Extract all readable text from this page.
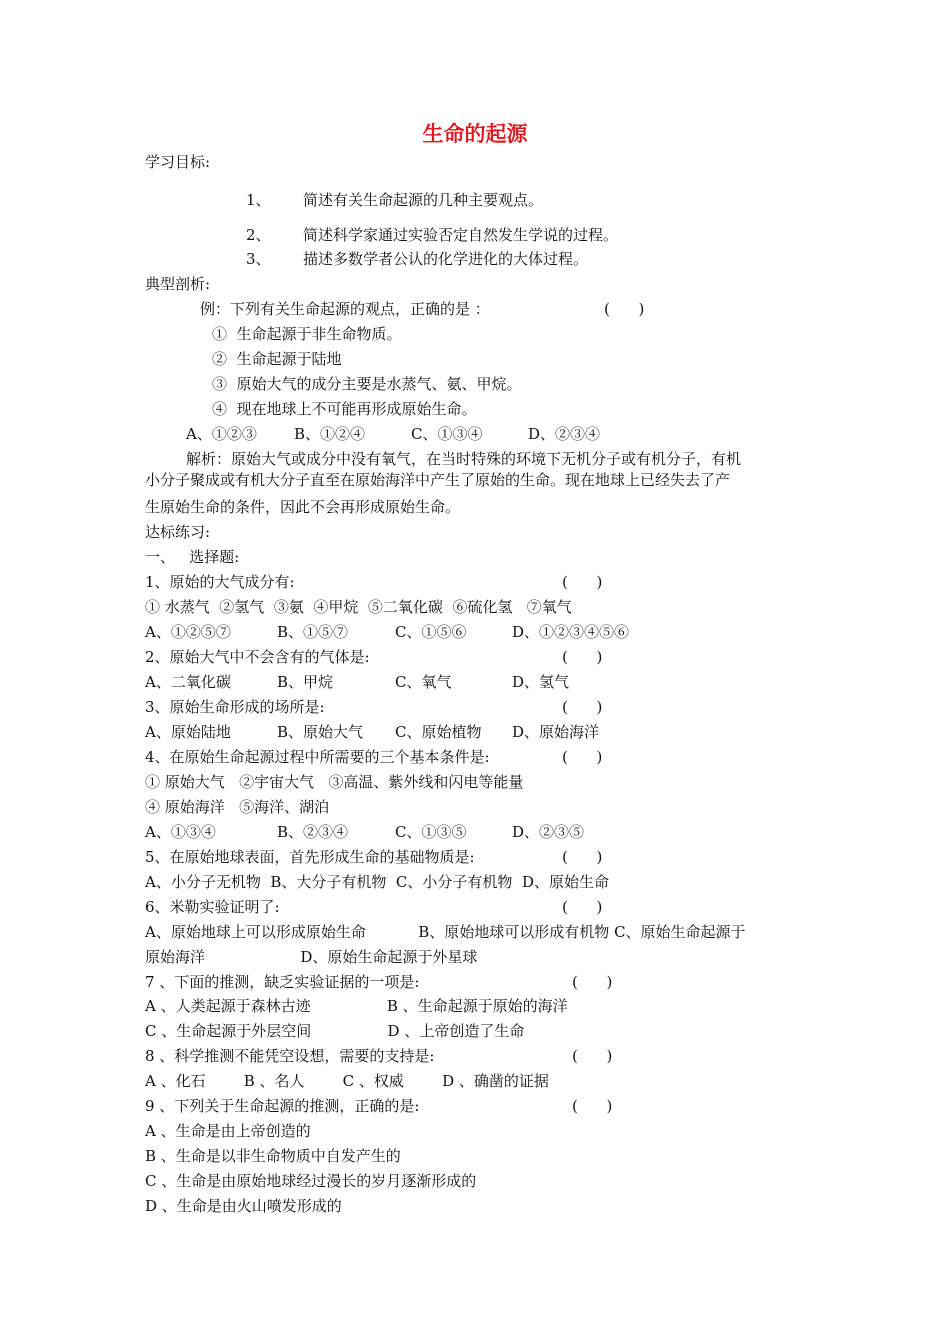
生命的起源
学习目标:
1、 简述有关生命起源的几种主要观点。
2、 简述科学家通过实验否定自然发生学说的过程。
3、 描述多数学者公认的化学进化的大体过程。
典型剖析:
例：下列有关生命起源的观点，正确的是 ：	(      )
①  生命起源于非生命物质。
②  生命起源于陆地
③  原始大气的成分主要是水蒸气、氨、甲烷。
④  现在地球上不可能再形成原始生命。
A、①②③ B、①②④	C、①③④	D、②③④
解析：原始大气或成分中没有氧气，在当时特殊的环境下无机分子或有机分子，有机
小分子聚成或有机大分子直至在原始海洋中产生了原始的生命。现在地球上已经失去了产
生原始生命的条件，因此不会再形成原始生命。
达标练习:
一、   选择题:
1、原始的大气成分有:	(      )
① 水蒸气  ②氢气  ③氨  ④甲烷  ⑤二氧化碳  ⑥硫化氢   ⑦氧气
A、①②⑤⑦	B、①⑤⑦	C、①⑤⑥	D、①②③④⑤⑥
2、原始大气中不会含有的气体是:	(      )
A、二氧化碳	B、甲烷	C、氧气	D、氢气
3、原始生命形成的场所是:	(      )
A、原始陆地	B、原始大气 C、原始植物 D、原始海洋
4、在原始生命起源过程中所需要的三个基本条件是:	(      )
① 原始大气   ②宇宙大气   ③高温、紫外线和闪电等能量
④ 原始海洋   ⑤海洋、湖泊
A、①③④	B、②③④	C、①③⑤	D、②③⑤
5、在原始地球表面，首先形成生命的基础物质是:	(      )
A、小分子无机物  B、大分子有机物  C、小分子有机物  D、原始生命
6、米勒实验证明了:	(      )
A、原始地球上可以形成原始生命           B、原始地球可以形成有机物 C、原始生命起源于
原始海洋                    D、原始生命起源于外星球
7 、下面的推测，缺乏实验证据的一项是:	(      )
A 、人类起源于森林古迹                B 、生命起源于原始的海洋
C 、生命起源于外层空间                D 、上帝创造了生命
8 、科学推测不能凭空设想，需要的支持是:	(      )
A 、化石        B 、名人        C 、权威        D 、确凿的证据
9 、下列关于生命起源的推测，正确的是:	(      )
A 、生命是由上帝创造的
B 、生命是以非生命物质中自发产生的
C 、生命是由原始地球经过漫长的岁月逐渐形成的
D 、生命是由火山喷发形成的
